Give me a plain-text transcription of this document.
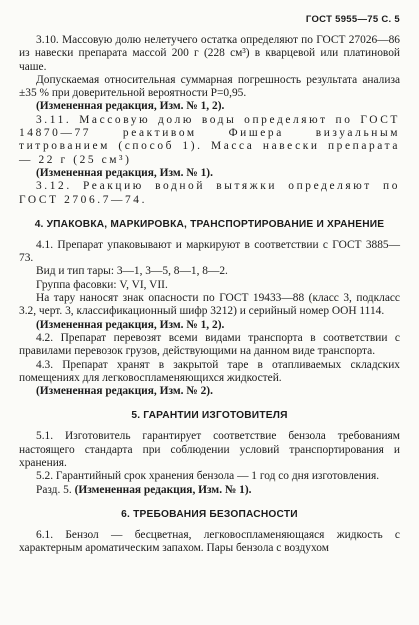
ГОСТ 5955—75 С. 5

3.10. Массовую долю нелетучего остатка определяют по ГОСТ 27026—86 из навески препарата массой 200 г (228 см³) в кварцевой или платиновой чаше.

Допускаемая относительная суммарная погрешность результата анализа ±35 % при доверительной вероятности P=0,95.

(Измененная редакция, Изм. № 1, 2).

3.11. Массовую долю воды определяют по ГОСТ 14870—77 реактивом Фишера визуальным титрованием (способ 1). Масса навески препарата — 22 г (25 см³)

(Измененная редакция, Изм. № 1).

3.12. Реакцию водной вытяжки определяют по ГОСТ 2706.7—74.

4. УПАКОВКА, МАРКИРОВКА, ТРАНСПОРТИРОВАНИЕ И ХРАНЕНИЕ

4.1. Препарат упаковывают и маркируют в соответствии с ГОСТ 3885—73.

Вид и тип тары: 3—1, 3—5, 8—1, 8—2.

Группа фасовки: V, VI, VII.

На тару наносят знак опасности по ГОСТ 19433—88 (класс 3, подкласс 3.2, черт. 3, классификационный шифр 3212) и серийный номер ООН 1114.

(Измененная редакция, Изм. № 1, 2).

4.2. Препарат перевозят всеми видами транспорта в соответствии с правилами перевозок грузов, действующими на данном виде транспорта.

4.3. Препарат хранят в закрытой таре в отапливаемых складских помещениях для легковоспламеняющихся жидкостей.

(Измененная редакция, Изм. № 2).

5. ГАРАНТИИ ИЗГОТОВИТЕЛЯ

5.1. Изготовитель гарантирует соответствие бензола требованиям настоящего стандарта при соблюдении условий транспортирования и хранения.

5.2. Гарантийный срок хранения бензола — 1 год со дня изготовления.

Разд. 5. (Измененная редакция, Изм. № 1).

6. ТРЕБОВАНИЯ БЕЗОПАСНОСТИ

6.1. Бензол — бесцветная, легковоспламеняющаяся жидкость с характерным ароматическим запахом. Пары бензола с воздухом
